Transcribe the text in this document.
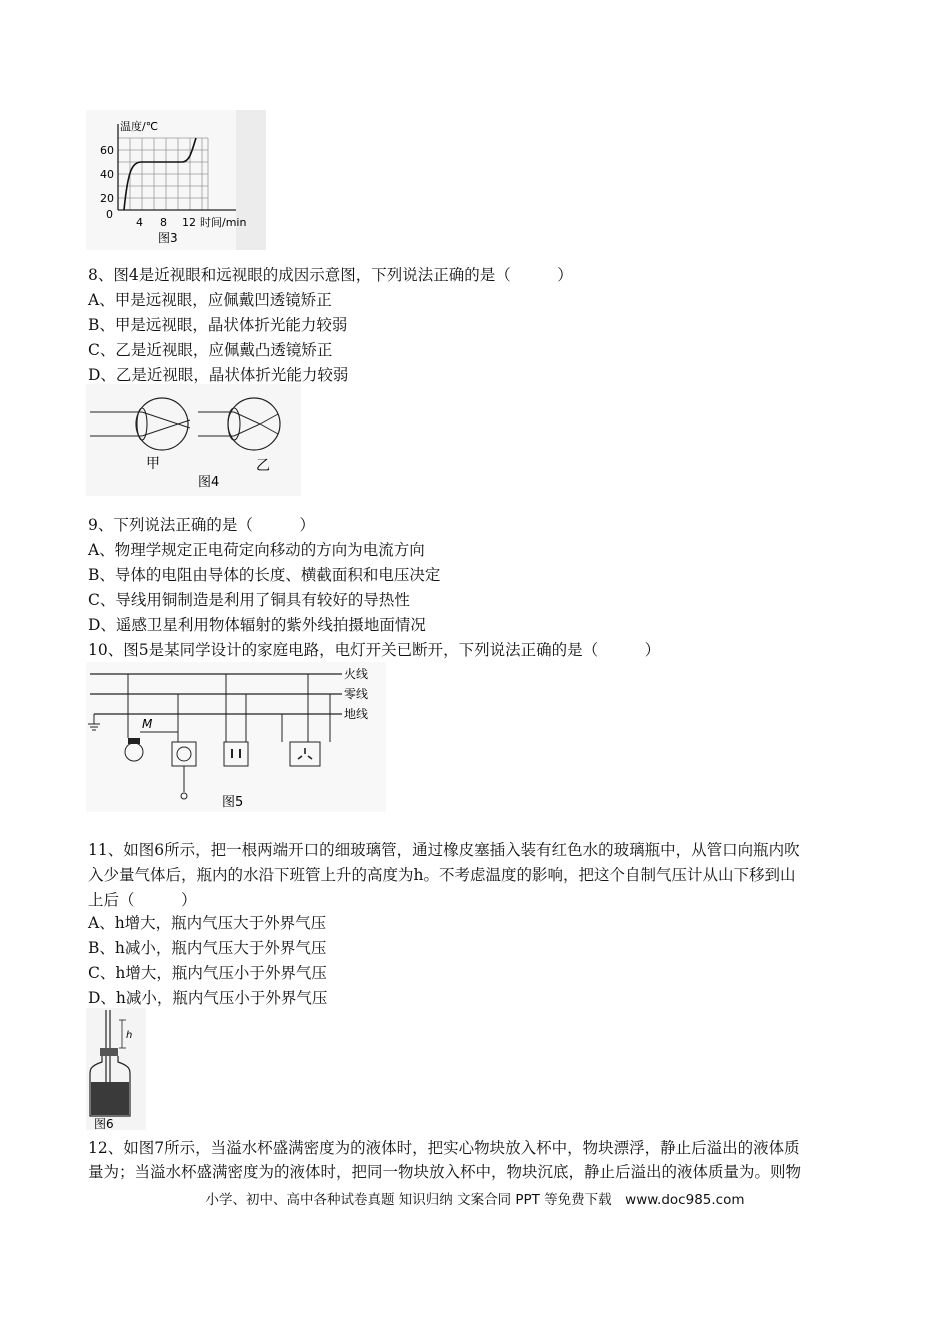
温度/℃
时间/min
60
40
20
0
4 8 12
图3
8、图4是近视眼和远视眼的成因示意图，下列说法正确的是（　　　）
A、甲是远视眼，应佩戴凹透镜矫正
B、甲是远视眼，晶状体折光能力较弱
C、乙是近视眼，应佩戴凸透镜矫正
D、乙是近视眼，晶状体折光能力较弱
甲	乙
图4
9、下列说法正确的是（　　　）
A、物理学规定正电荷定向移动的方向为电流方向
B、导体的电阻由导体的长度、横截面积和电压决定
C、导线用铜制造是利用了铜具有较好的导热性
D、遥感卫星利用物体辐射的紫外线拍摄地面情况
10、图5是某同学设计的家庭电路，电灯开关已断开，下列说法正确的是（　　　）
火线
零线
地线
M
图5
11、如图6所示，把一根两端开口的细玻璃管，通过橡皮塞插入装有红色水的玻璃瓶中，从管口向瓶内吹
入少量气体后，瓶内的水沿下班管上升的高度为h。不考虑温度的影响，把这个自制气压计从山下移到山
上后（　　　）
A、h增大，瓶内气压大于外界气压
B、h减小，瓶内气压大于外界气压
C、h增大，瓶内气压小于外界气压
D、h减小，瓶内气压小于外界气压
h
图6
12、如图7所示，当溢水杯盛满密度为的液体时，把实心物块放入杯中，物块漂浮，静止后溢出的液体质
量为；当溢水杯盛满密度为的液体时，把同一物块放入杯中，物块沉底，静止后溢出的液体质量为。则物
小学、初中、高中各种试卷真题 知识归纳 文案合同 PPT 等免费下载　www.doc985.com
